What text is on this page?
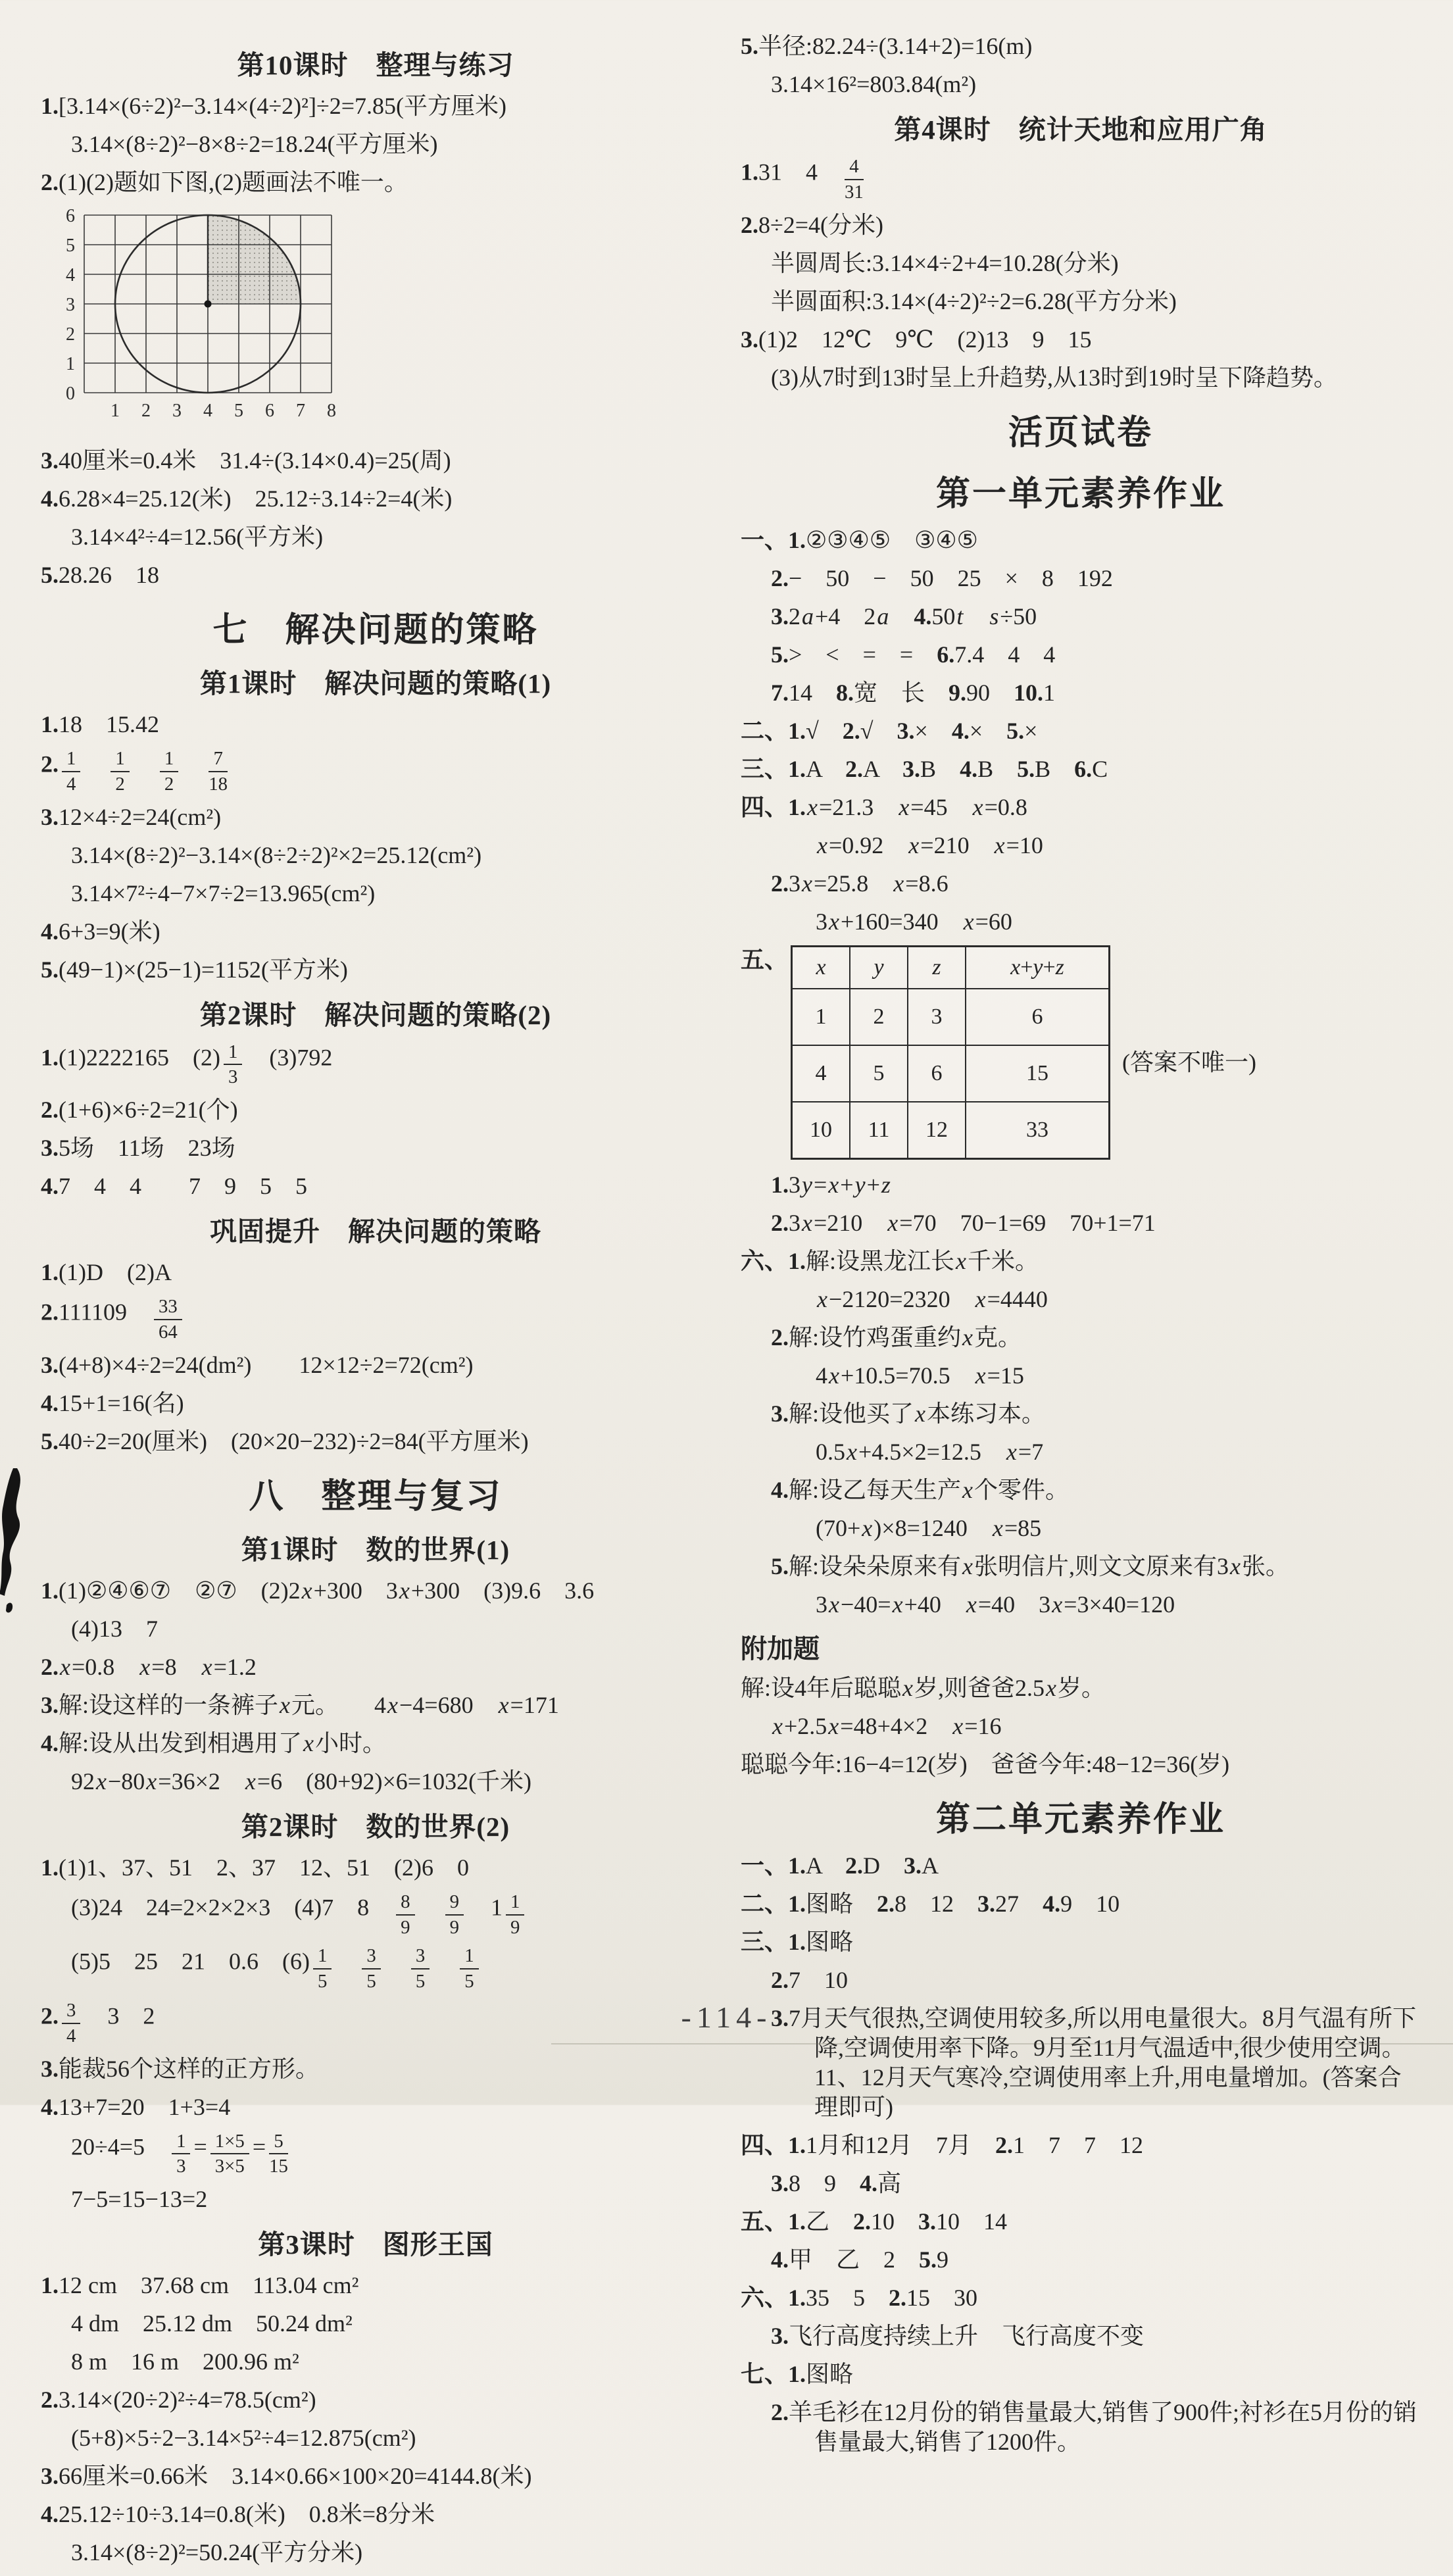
第10课时　整理与练习
1.[3.14×(6÷2)²−3.14×(4÷2)²]÷2=7.85(平方厘米)
3.14×(8÷2)²−8×8÷2=18.24(平方厘米)
2.(1)(2)题如下图,(2)题画法不唯一。
6
5
4
3
2
1
0
1 2 3 4 5 6 7 8
3.40厘米=0.4米　31.4÷(3.14×0.4)=25(周)
4.6.28×4=25.12(米)　25.12÷3.14÷2=4(米)
3.14×4²÷4=12.56(平方米)
5.28.26　18
七　解决问题的策略
第1课时　解决问题的策略(1)
1.18　15.42
2. $\frac{1}{4}$
　 $\frac{1}{2}$
　 $\frac{1}{2}$
　 $\frac{7}{18}$
3.12×4÷2=24(cm²)
3.14×(8÷2)²−3.14×(8÷2÷2)²×2=25.12(cm²)
3.14×7²÷4−7×7÷2=13.965(cm²)
4.6+3=9(米)
5.(49−1)×(25−1)=1152(平方米)
第2课时　解决问题的策略(2)
1.(1)2222165　$(2) \frac{1}{3}$ 　(3)792
2.(1+6)×6÷2=21(个)
3.5场　11场　23场
4.7　4　4　　7　9　5　5
巩固提升　解决问题的策略
1.(1)D　(2)A
2.111109　 $\frac{33}{64}$
3.(4+8)×4÷2=24(dm²)　　12×12÷2=72(cm²)
4.15+1=16(名)
5.40÷2=20(厘米)　(20×20−232)÷2=84(平方厘米)
八　整理与复习
第1课时　数的世界(1)
1.(1)②④⑥⑦　②⑦　(2)2x+300　3x+300　(3)9.6　3.6
(4)13　7
2.x=0.8　x=8　x=1.2
3.解:设这样的一条裤子x元。　　4x−4=680　x=171
4.解:设从出发到相遇用了x小时。
92x−80x=36×2　x=6　(80+92)×6=1032(千米)
第2课时　数的世界(2)
1.(1)1、37、51　2、37　12、51　(2)6　0
(3)24　24=2×2×2×3　(4)7　8　 $\frac{8}{9}$
　 $\frac{9}{9}$ 　$1 \frac{1}{9}$
(5)5　25　21　0.6　$(6) \frac{1}{5}$
　 $\frac{3}{5}$
　 $\frac{3}{5}$
　 $\frac{1}{5}$
2. $\frac{3}{4}$ 　3　2
3.能裁56个这样的正方形。
4.13+7=20　1+3=4
20÷4=5　 $\frac{1}{3} = \frac{1\times 5}{3\times 5} = \frac{5}{15}$
7−5=15−13=2
第3课时　图形王国
1.12 cm　37.68 cm　113.04 cm²
4 dm　25.12 dm　50.24 dm²
8 m　16 m　200.96 m²
2.3.14×(20÷2)²÷4=78.5(cm²)
(5+8)×5÷2−3.14×5²÷4=12.875(cm²)
3.66厘米=0.66米　3.14×0.66×100×20=4144.8(米)
4.25.12÷10÷3.14=0.8(米)　0.8米=8分米
3.14×(8÷2)²=50.24(平方分米)
5.半径:82.24÷(3.14+2)=16(m)
3.14×16²=803.84(m²)
第4课时　统计天地和应用广角
1.31　4　 $\frac{4}{31}$
2.8÷2=4(分米)
半圆周长:3.14×4÷2+4=10.28(分米)
半圆面积:3.14×(4÷2)²÷2=6.28(平方分米)
3.(1)2　12℃　9℃　(2)13　9　15
(3)从7时到13时呈上升趋势,从13时到19时呈下降趋势。
活页试卷
第一单元素养作业
一、1.②③④⑤　③④⑤
2.−　50　−　50　25　×　8　192
3.2a+4　2a　 4.50t　 s÷50
5.>　<　=　=　6.7.4　4　4
7.14　8.宽　长　9.90　10.1
二、1.√　2.√　3.×　4.×　5.×
三、1.A　2.A　3.B　4.B　5.B　6.C
四、1.x=21.3　x=45　x=0.8
x=0.92　x=210　x=10
2.3x=25.8　x=8.6
3x+160=340　x=60
五、 x	y	z	x+y+z
1	2	3	6
4	5	6	15
10	11	12	33
(答案不唯一)
1.3y=x+y+z
2.3x=210　x=70　70−1=69　70+1=71
六、1.解:设黑龙江长x千米。
x−2120=2320　x=4440
2.解:设竹鸡蛋重约x克。
4x+10.5=70.5　x=15
3.解:设他买了x本练习本。
0.5x+4.5×2=12.5　x=7
4.解:设乙每天生产x个零件。
(70+x)×8=1240　x=85
5.解:设朵朵原来有x张明信片,则文文原来有3x张。
3x−40=x+40　x=40　3x=3×40=120
附加题
解:设4年后聪聪x岁,则爸爸2.5x岁。
x+2.5x=48+4×2　x=16
聪聪今年:16−4=12(岁)　爸爸今年:48−12=36(岁)
第二单元素养作业
一、1.A　2.D　3.A
二、1.图略　2.8　12　3.27　4.9　10
三、1.图略
2.7　10
3.7月天气很热,空调使用较多,所以用电量很大。8月气温有所下降,空调使用率下降。9月至11月气温适中,很少使用空调。11、12月天气寒冷,空调使用率上升,用电量增加。(答案合理即可)
四、1.1月和12月　7月　2.1　7　7　12
3.8　9　4.高
五、1.乙　2.10　3.10　14
4.甲　乙　2　5.9
六、1.35　5　2.15　30
3.飞行高度持续上升　飞行高度不变
七、1.图略
2.羊毛衫在12月份的销售量最大,销售了900件;衬衫在5月份的销售量最大,销售了1200件。
-114-
